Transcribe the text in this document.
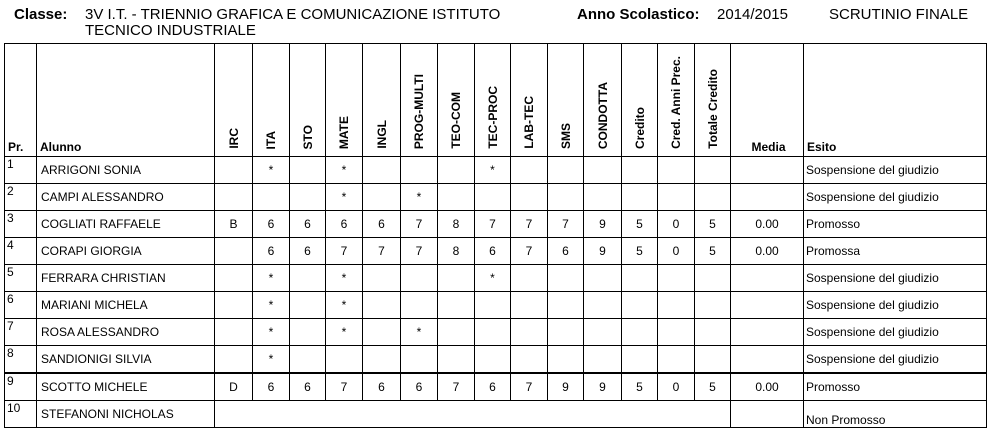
Classe: 3V I.T. - TRIENNIO GRAFICA E COMUNICAZIONE ISTITUTO
TECNICO INDUSTRIALE
Anno Scolastico: 2014/2015	SCRUTINIO FINALE
Pr.	Alunno	IRC	ITA	STO	MATE	INGL	PROG-MULTI	TEO-COM	TEC-PROC	LAB-TEC	SMS	CONDOTTA	Credito	Cred. Anni Prec.	Totale Credito	Media	Esito
1	ARRIGONI SONIA		*		*				*								Sospensione del giudizio
2	CAMPI ALESSANDRO				*		*										Sospensione del giudizio
3	COGLIATI RAFFAELE	B	6	6	6	6	7	8	7	7	7	9	5	0	5	0.00	Promosso
4	CORAPI GIORGIA		6	6	7	7	7	8	6	7	6	9	5	0	5	0.00	Promossa
5	FERRARA CHRISTIAN		*		*				*								Sospensione del giudizio
6	MARIANI MICHELA		*		*												Sospensione del giudizio
7	ROSA ALESSANDRO		*		*		*										Sospensione del giudizio
8	SANDIONIGI SILVIA		*														Sospensione del giudizio
9	SCOTTO MICHELE	D	6	6	7	6	6	7	6	7	9	9	5	0	5	0.00	Promosso
10	STEFANONI NICHOLAS																Non Promosso
